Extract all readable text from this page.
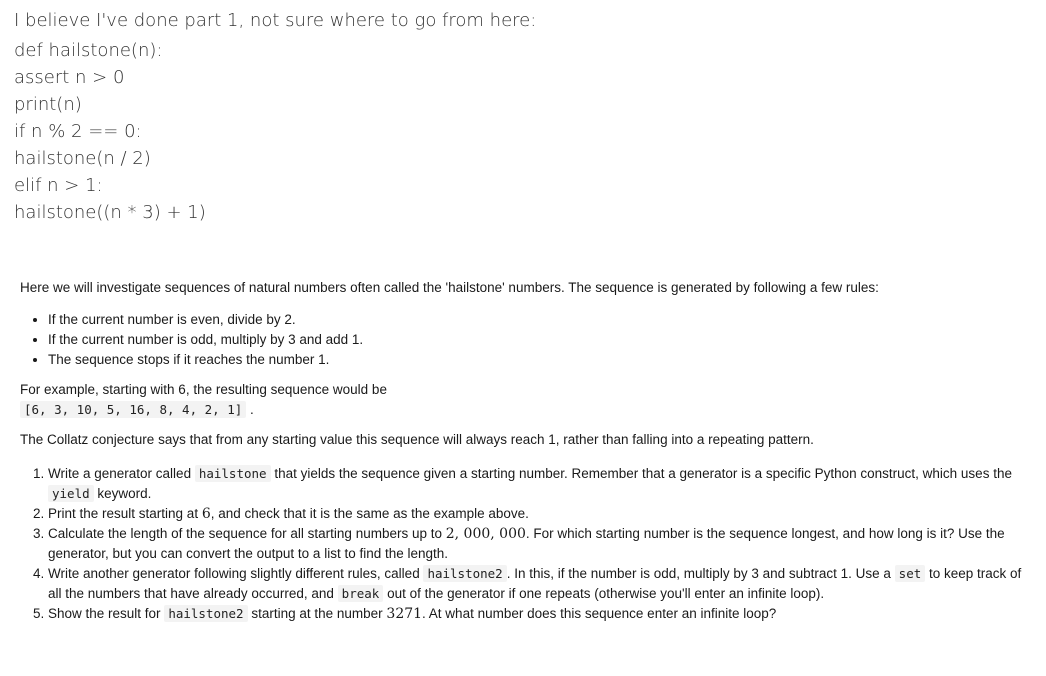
I believe I've done part 1, not sure where to go from here:

def hailstone(n):

assert n > 0

print(n)

if n % 2 == 0:

hailstone(n / 2)

elif n > 1:

hailstone((n * 3) + 1)

Here we will investigate sequences of natural numbers often called the 'hailstone' numbers. The sequence is generated by following a few rules:

• If the current number is even, divide by 2.
• If the current number is odd, multiply by 3 and add 1.
• The sequence stops if it reaches the number 1.

For example, starting with 6, the resulting sequence would be

[6, 3, 10, 5, 16, 8, 4, 2, 1] .

The Collatz conjecture says that from any starting value this sequence will always reach 1, rather than falling into a repeating pattern.

1. Write a generator called hailstone that yields the sequence given a starting number. Remember that a generator is a specific Python construct, which uses the yield keyword.
2. Print the result starting at 6, and check that it is the same as the example above.
3. Calculate the length of the sequence for all starting numbers up to 2, 000, 000. For which starting number is the sequence longest, and how long is it? Use the generator, but you can convert the output to a list to find the length.
4. Write another generator following slightly different rules, called hailstone2 . In this, if the number is odd, multiply by 3 and subtract 1. Use a set to keep track of all the numbers that have already occurred, and break out of the generator if one repeats (otherwise you'll enter an infinite loop).
5. Show the result for hailstone2 starting at the number 3271. At what number does this sequence enter an infinite loop?
